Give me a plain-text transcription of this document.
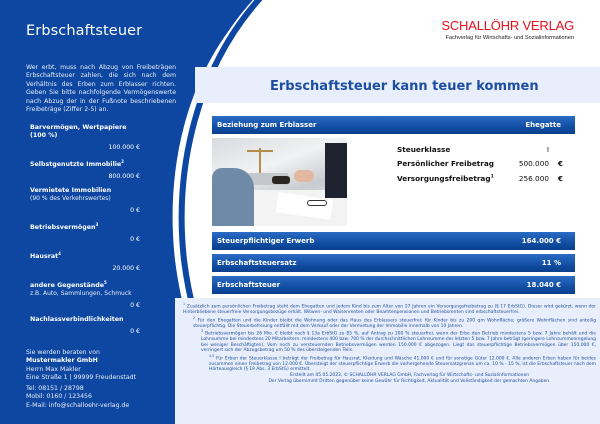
Erbschaftsteuer

Wer erbt, muss nach Abzug von Freibeträgen Erbschaftsteuer zahlen, die sich nach dem Verhältnis des Erben zum Erblasser richten. Geben Sie bitte nachfolgende Vermögenswerte nach Abzug der in der Fußnote beschriebenen Freibeträge (Ziffer 2-5) an.

Barvermögen, Wertpapiere (100 %)
100.000 €
Selbstgenutzte Immobilie$^2$
800.000 €
Vermietete Immobilien
(90 % des Verkehrswertes)
0 €
Betriebsvermögen$^3$
0 €
Hausrat$^4$
20.000 €
andere Gegenstände$^5$
z.B. Auto, Sammlungen, Schmuck
0 €
Nachlassverbindlichkeiten
0 €
Sie werden beraten von
Mustermakler GmbH
Herrn Max Makler
Eine Straße 1 | 99999 Freudenstadt
Tel: 08151 / 28798
Mobil: 0160 / 123456
E-Mail: info@schalloehr-verlag.de
SCHALLÖHR VERLAG
Fachverlag für Wirtschafts- und Sozialinformationen
Erbschaftsteuer kann teuer kommen
Beziehung zum Erblasser	Ehegatte
Steuerklasse	I
Persönlicher Freibetrag	500.000	€
Versorgungsfreibetrag$^1$	256.000	€
Steuerpflichtiger Erwerb	164.000 €
Erbschaftsteuersatz	11 %
Erbschaftsteuer	18.040 €

$^1$ Zusätzlich zum persönlichen Freibetrag steht dem Ehegatten und jedem Kind bis zum Alter von 27 Jahren ein Versorgungsfreibetrag zu (§ 17 ErbStG). Dieser wird gekürzt, wenn der Hinterbliebene steuerfreie Versorgungsbezüge erhält. Witwen- und Waisenrenten oder Beamtenpensionen und Betriebsrenten sind erbschaftsteuerfrei.

$^2$ Für den Ehegatten und die Kinder bleibt die Wohnung oder das Haus des Erblassers steuerfrei; für Kinder bis zu 200 qm Wohnfläche; größere Wohnflächen sind anteilig steuerpflichtig. Die Steuerbefreiung entfällt mit dem Verkauf oder der Vermietung der Immobilie innerhalb von 10 Jahren.

$^3$ Betriebsvermögen bis 26 Mio. € bleibt nach § 13a ErbStG zu 85 %, auf Antrag zu 100 % steuerfrei, wenn der Erbe den Betrieb mindestens 5 bzw. 7 Jahre behält und die Lohnsumme bei mindestens 20 Mitarbeitern, mindestens 400 bzw. 700 % der durchschnittlichen Lohnsumme der letzten 5 bzw. 7 Jahre beträgt (geringere Lohnsummenregelung bei weniger Beschäftigten). Vom noch zu versteuernden Betriebsvermögen werden 150.000 € abgezogen. Liegt das steuerpflichtige Betriebsvermögen über 150.000 €, verringert sich der Abzugsbetrag um 50 % des übersteigenden Teils.

$^{4,5}$ Für Erben der Steuerklasse I beträgt der Freibetrag für Hausrat, Kleidung und Wäsche 41.000 € und für sonstige Güter 12.000 €. Alle anderen Erben haben für beides zusammen einen Freibetrag von 12.000 €. Übersteigt der steuerpflichtige Erwerb die vorhergehende Steuersatzgrenze um ca. 10 % - 15 %, ist die Erbschaftsteuer nach dem Härteausgleich (§ 19 Abs. 3 ErbStG) ermittelt.

Erstellt am 05.05.2023, © SCHALLÖHR VERLAG GmbH, Fachverlag für Wirtschafts- und Sozialinformationen

Der Verlag übernimmt Dritten gegenüber keine Gewähr für Richtigkeit, Aktualität und Vollständigkeit der gemachten Angaben.
